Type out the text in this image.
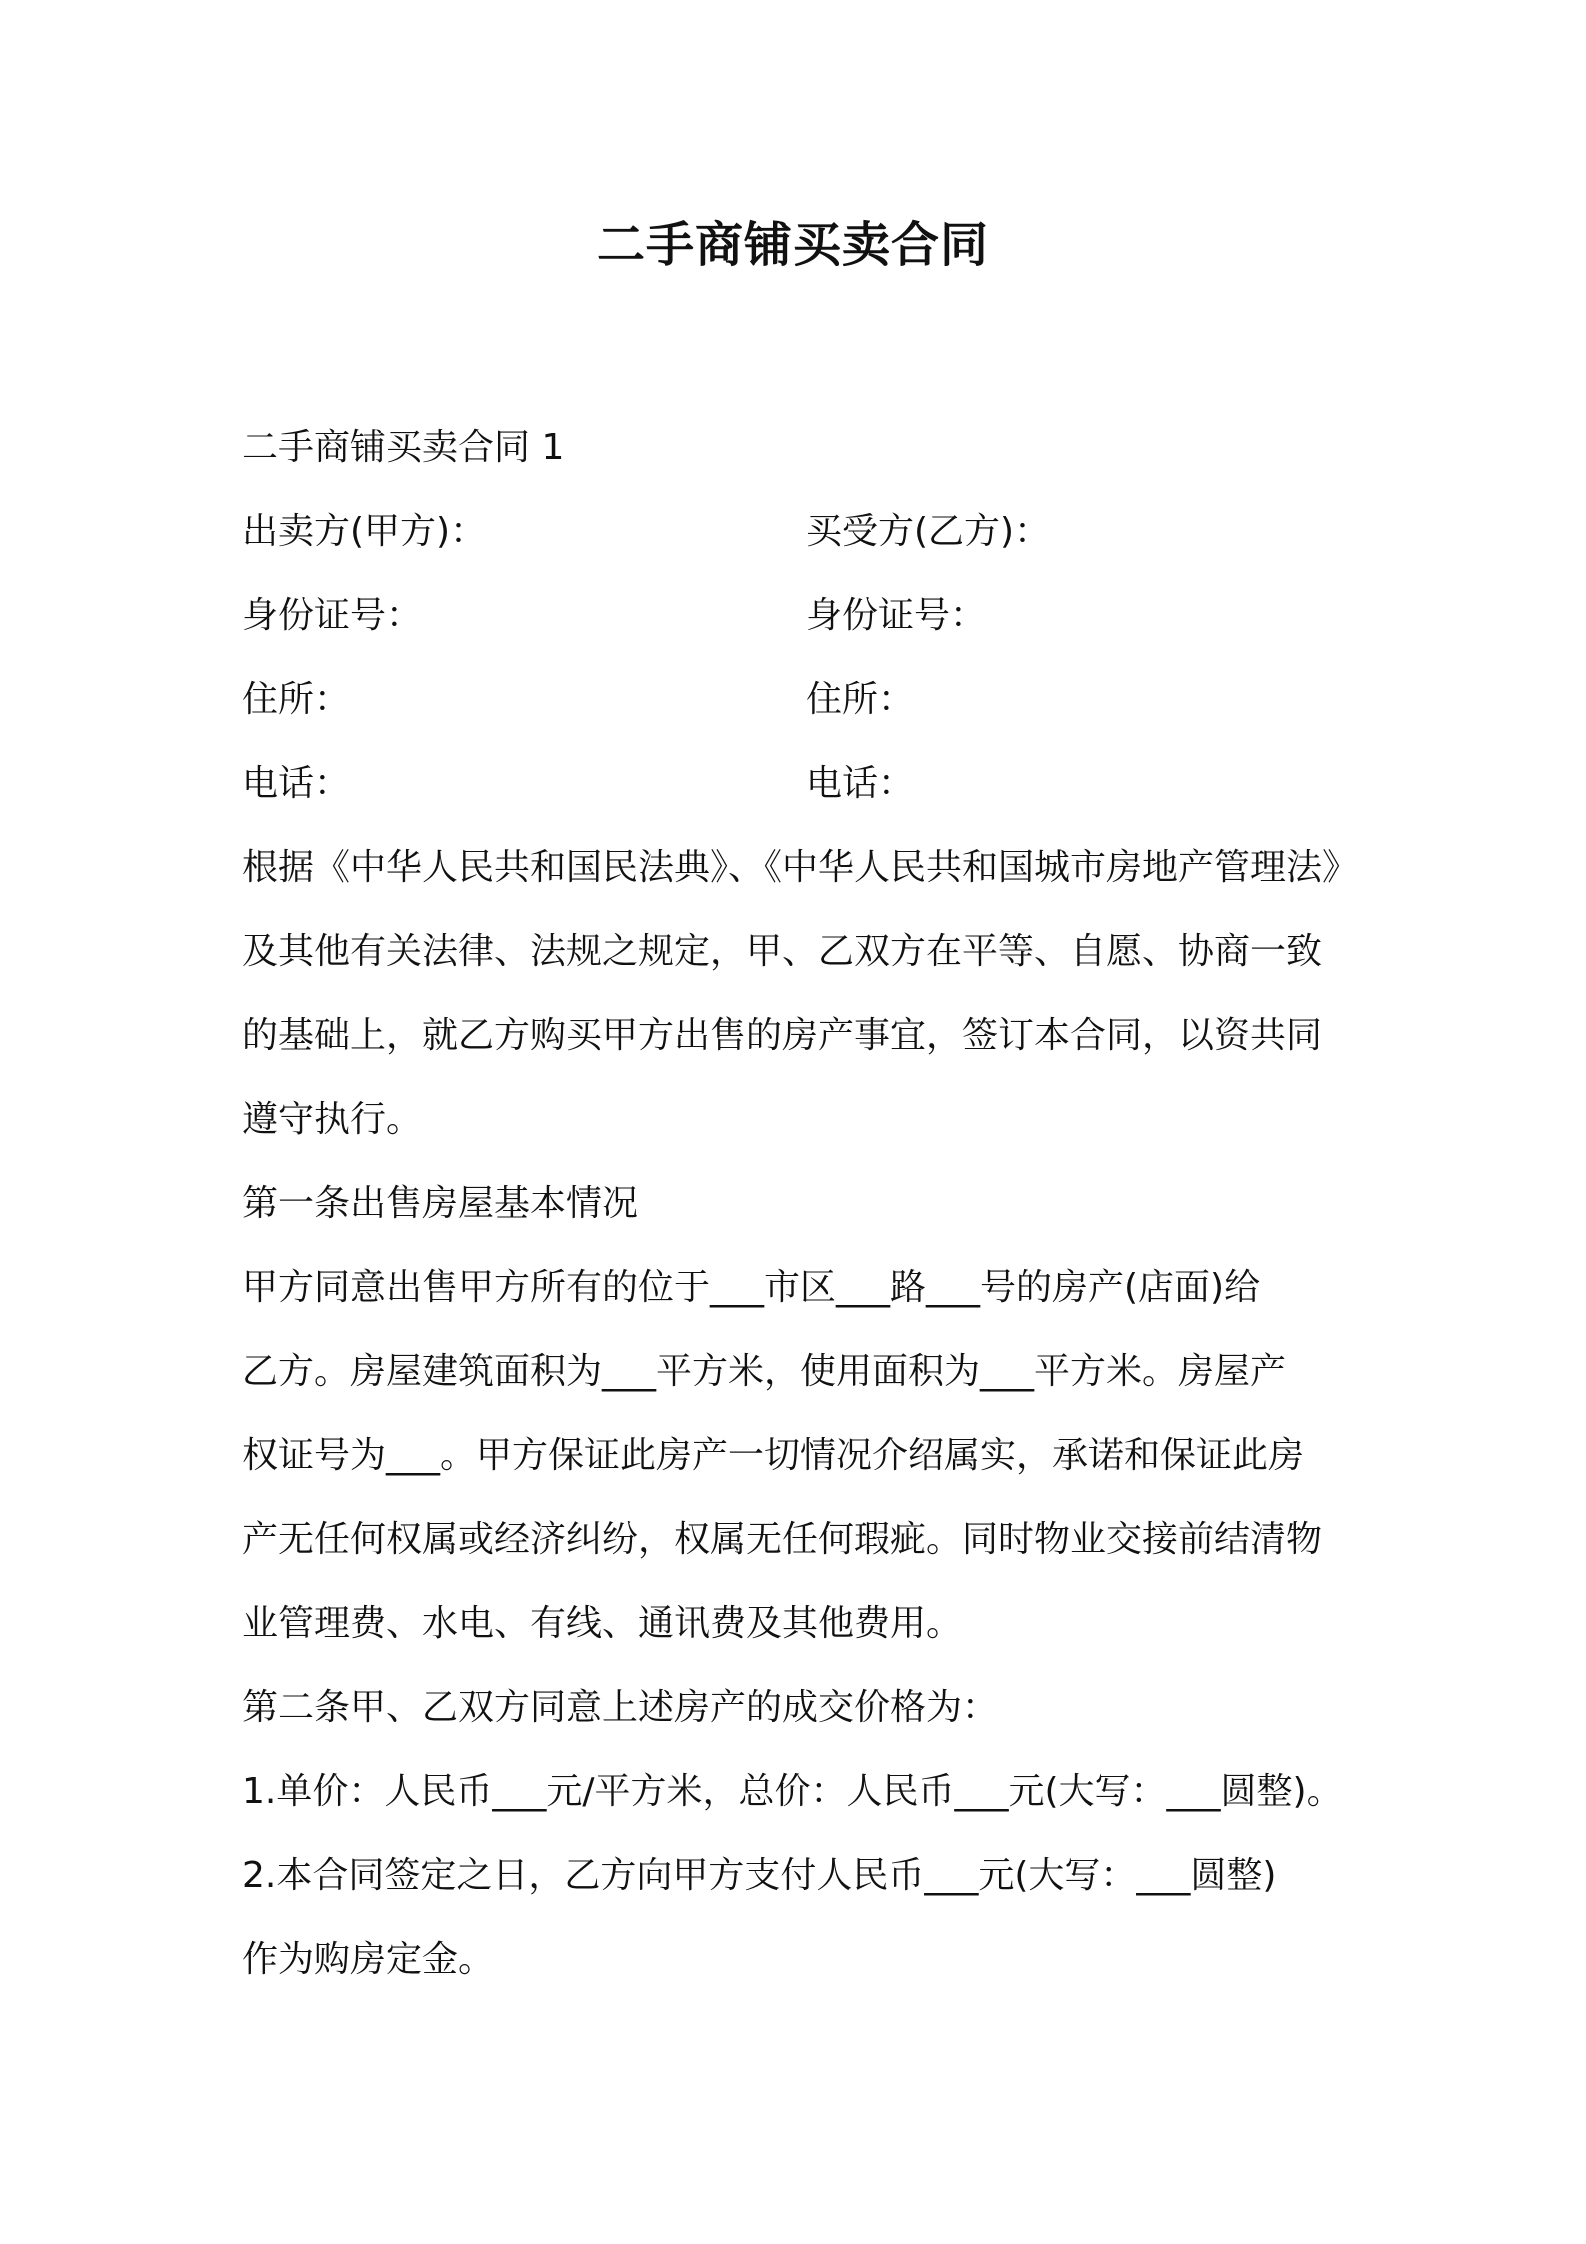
二手商铺买卖合同
二手商铺买卖合同 1
出卖方(甲方)：	买受方(乙方)：
身份证号：	身份证号：
住所：	住所：
电话：	电话：
根据《中华人民共和国民法典》、《中华人民共和国城市房地产管理法》
及其他有关法律、法规之规定，甲、乙双方在平等、自愿、协商一致
的基础上，就乙方购买甲方出售的房产事宜，签订本合同，以资共同
遵守执行。
第一条出售房屋基本情况
甲方同意出售甲方所有的位于___市区___路___号的房产(店面)给
乙方。房屋建筑面积为___平方米，使用面积为___平方米。房屋产
权证号为___。甲方保证此房产一切情况介绍属实，承诺和保证此房
产无任何权属或经济纠纷，权属无任何瑕疵。同时物业交接前结清物
业管理费、水电、有线、通讯费及其他费用。
第二条甲、乙双方同意上述房产的成交价格为：
1.单价：人民币___元/平方米，总价：人民币___元(大写：___圆整)。
2.本合同签定之日，乙方向甲方支付人民币___元(大写：___圆整)
作为购房定金。
